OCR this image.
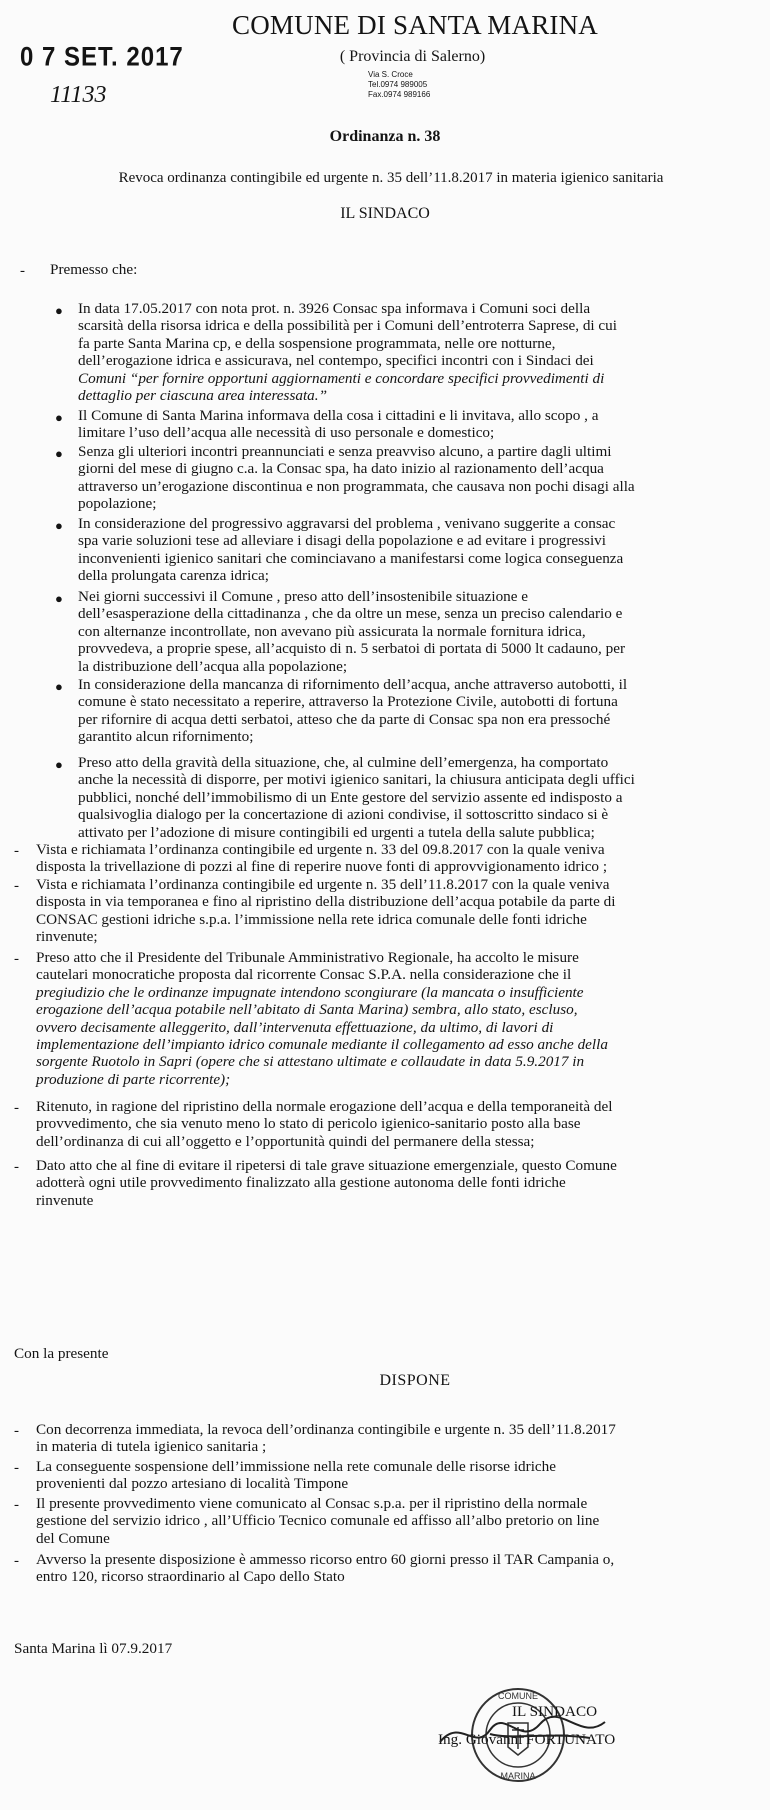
COMUNE DI SANTA MARINA
( Provincia di Salerno)
Via S. Croce
Tel.0974 989005
Fax.0974 989166
0 7 SET. 2017
11133
Ordinanza n. 38
Revoca ordinanza contingibile ed urgente n. 35 dell’11.8.2017 in materia igienico sanitaria
IL SINDACO
- Premesso che:
● In data 17.05.2017 con nota prot. n. 3926 Consac spa informava i Comuni soci della
scarsità della risorsa idrica e della possibilità per i Comuni dell’entroterra Saprese, di cui
fa parte Santa Marina cp, e della sospensione programmata, nelle ore notturne,
dell’erogazione idrica e assicurava, nel contempo, specifici incontri con i Sindaci dei
Comuni “per fornire opportuni aggiornamenti e concordare specifici provvedimenti di
dettaglio per ciascuna area interessata.”
● Il Comune di Santa Marina informava della cosa i cittadini e li invitava, allo scopo , a
limitare l’uso dell’acqua alle necessità di uso personale e domestico;
● Senza gli ulteriori incontri preannunciati e senza preavviso alcuno, a partire dagli ultimi
giorni del mese di giugno c.a. la Consac spa, ha dato inizio al razionamento dell’acqua
attraverso un’erogazione discontinua e non programmata, che causava non pochi disagi alla
popolazione;
● In considerazione del progressivo aggravarsi del problema , venivano suggerite a consac
spa varie soluzioni tese ad alleviare i disagi della popolazione e ad evitare i progressivi
inconvenienti igienico sanitari che cominciavano a manifestarsi come logica conseguenza
della prolungata carenza idrica;
● Nei giorni successivi il Comune , preso atto dell’insostenibile situazione e
dell’esasperazione della cittadinanza , che da oltre un mese, senza un preciso calendario e
con alternanze incontrollate, non avevano più assicurata la normale fornitura idrica,
provvedeva, a proprie spese, all’acquisto di n. 5 serbatoi di portata di 5000 lt cadauno, per
la distribuzione dell’acqua alla popolazione;
● In considerazione della mancanza di rifornimento dell’acqua, anche attraverso autobotti, il
comune è stato necessitato a reperire, attraverso la Protezione Civile, autobotti di fortuna
per rifornire di acqua detti serbatoi, atteso che da parte di Consac spa non era pressoché
garantito alcun rifornimento;
● Preso atto della gravità della situazione, che, al culmine dell’emergenza, ha comportato
anche la necessità di disporre, per motivi igienico sanitari, la chiusura anticipata degli uffici
pubblici, nonché dell’immobilismo di un Ente gestore del servizio assente ed indisposto a
qualsivoglia dialogo per la concertazione di azioni condivise, il sottoscritto sindaco si è
attivato per l’adozione di misure contingibili ed urgenti a tutela della salute pubblica;
- Vista e richiamata l’ordinanza contingibile ed urgente n. 33 del 09.8.2017 con la quale veniva
disposta la trivellazione di pozzi al fine di reperire nuove fonti di approvvigionamento idrico ;
- Vista e richiamata l’ordinanza contingibile ed urgente n. 35 dell’11.8.2017 con la quale veniva
disposta in via temporanea e fino al ripristino della distribuzione dell’acqua potabile da parte di
CONSAC gestioni idriche s.p.a. l’immissione nella rete idrica comunale delle fonti idriche
rinvenute;
- Preso atto che il Presidente del Tribunale Amministrativo Regionale, ha accolto le misure
cautelari monocratiche proposta dal ricorrente Consac S.P.A. nella considerazione che il
pregiudizio che le ordinanze impugnate intendono scongiurare (la mancata o insufficiente
erogazione dell’acqua potabile nell’abitato di Santa Marina) sembra, allo stato, escluso,
ovvero decisamente alleggerito, dall’intervenuta effettuazione, da ultimo, di lavori di
implementazione dell’impianto idrico comunale mediante il collegamento ad esso anche della
sorgente Ruotolo in Sapri (opere che si attestano ultimate e collaudate in data 5.9.2017 in
produzione di parte ricorrente);
- Ritenuto, in ragione del ripristino della normale erogazione dell’acqua e della temporaneità del
provvedimento, che sia venuto meno lo stato di pericolo igienico-sanitario posto alla base
dell’ordinanza di cui all’oggetto e l’opportunità quindi del permanere della stessa;
- Dato atto che al fine di evitare il ripetersi di tale grave situazione emergenziale, questo Comune
adotterà ogni utile provvedimento finalizzato alla gestione autonoma delle fonti idriche
rinvenute
Con la presente
DISPONE
- Con decorrenza immediata, la revoca dell’ordinanza contingibile e urgente n. 35 dell’11.8.2017
in materia di tutela igienico sanitaria ;
- La conseguente sospensione dell’immissione nella rete comunale delle risorse idriche
provenienti dal pozzo artesiano di località Timpone
- Il presente provvedimento viene comunicato al Consac s.p.a. per il ripristino della normale
gestione del servizio idrico , all’Ufficio Tecnico comunale ed affisso all’albo pretorio on line
del Comune
- Avverso la presente disposizione è ammesso ricorso entro 60 giorni presso il TAR Campania o,
entro 120, ricorso straordinario al Capo dello Stato
Santa Marina lì 07.9.2017
COMUNE
MARINA
IL SINDACO
Ing. Giovanni FORTUNATO
